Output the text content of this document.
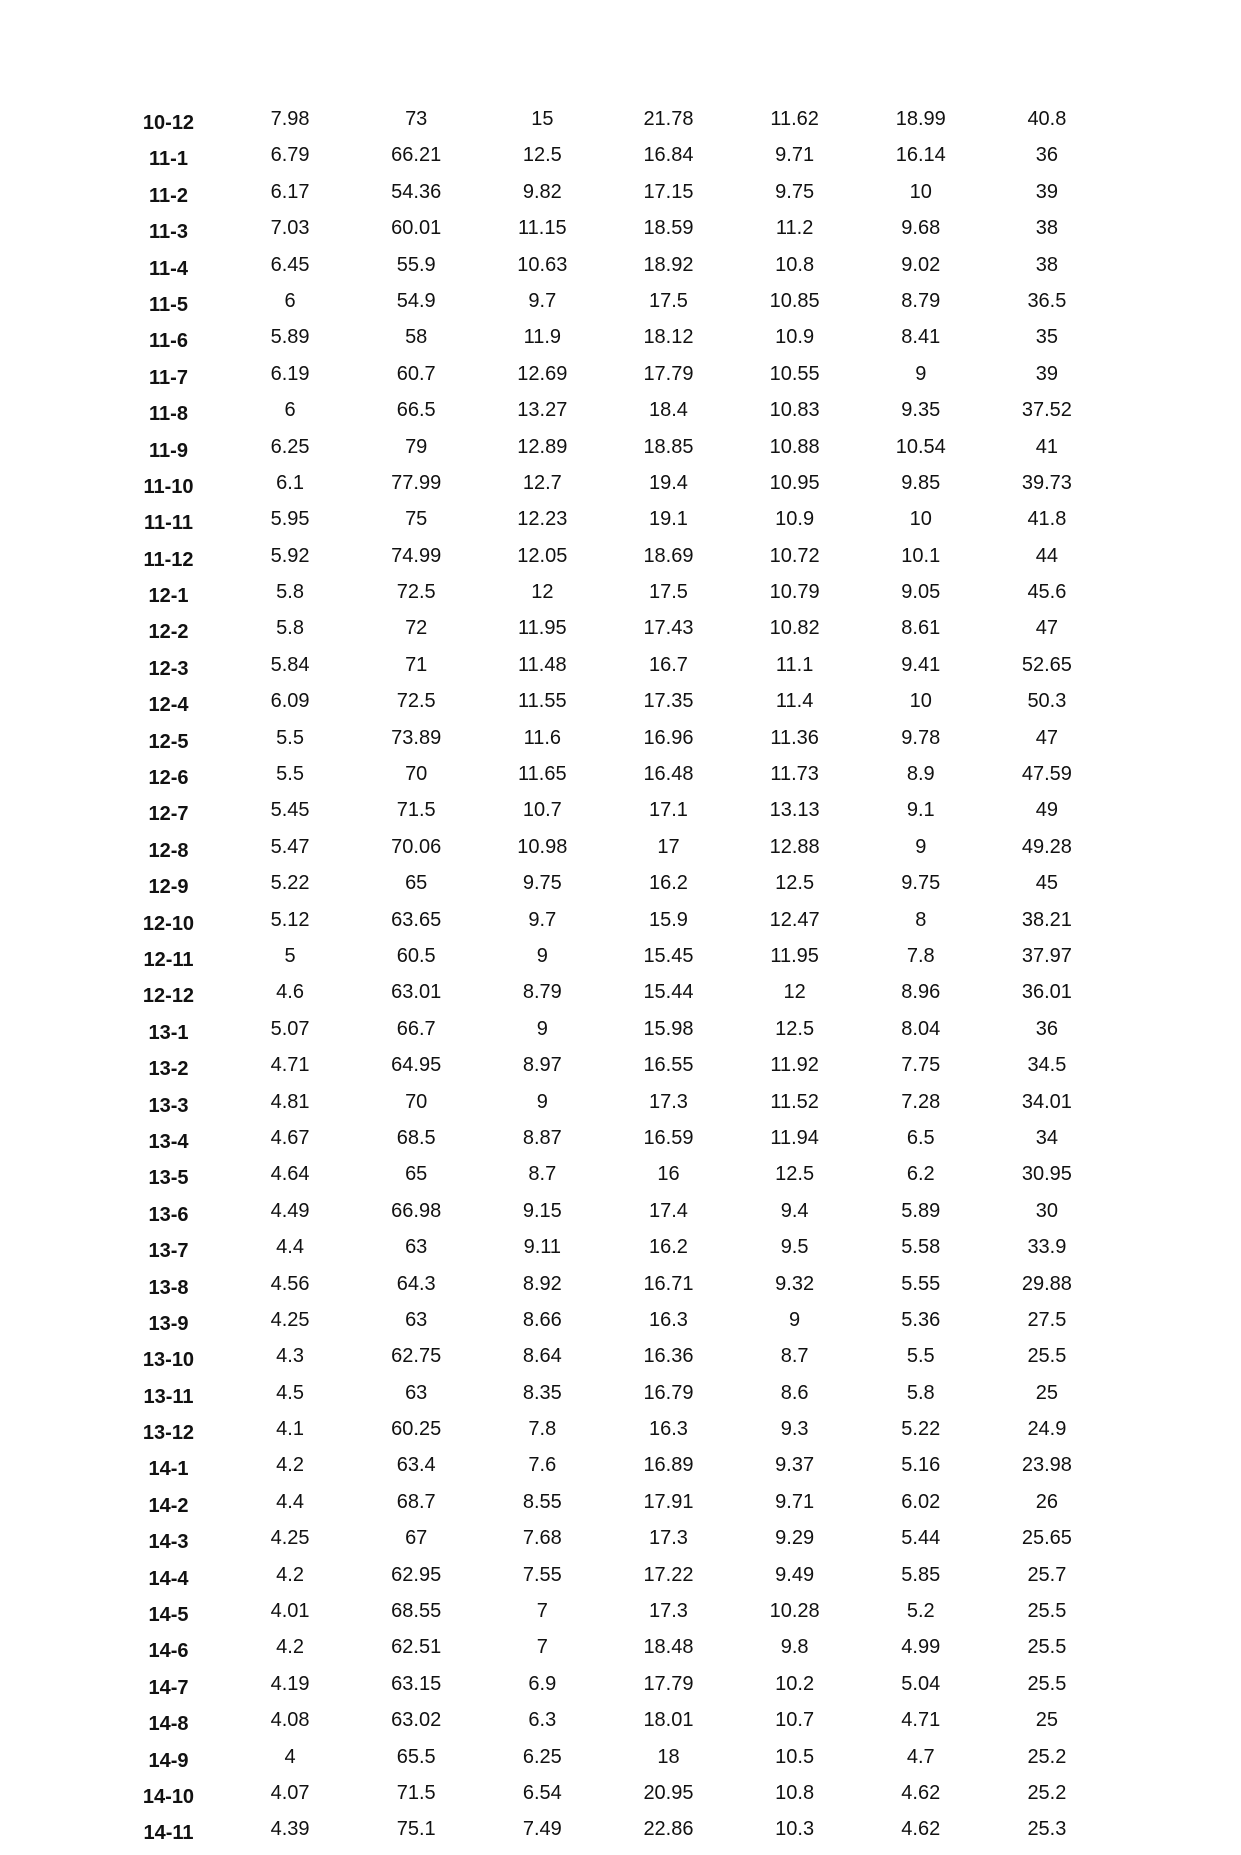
10-12	7.98	73	15	21.78	11.62	18.99	40.8
11-1	6.79	66.21	12.5	16.84	9.71	16.14	36
11-2	6.17	54.36	9.82	17.15	9.75	10	39
11-3	7.03	60.01	11.15	18.59	11.2	9.68	38
11-4	6.45	55.9	10.63	18.92	10.8	9.02	38
11-5	6	54.9	9.7	17.5	10.85	8.79	36.5
11-6	5.89	58	11.9	18.12	10.9	8.41	35
11-7	6.19	60.7	12.69	17.79	10.55	9	39
11-8	6	66.5	13.27	18.4	10.83	9.35	37.52
11-9	6.25	79	12.89	18.85	10.88	10.54	41
11-10	6.1	77.99	12.7	19.4	10.95	9.85	39.73
11-11	5.95	75	12.23	19.1	10.9	10	41.8
11-12	5.92	74.99	12.05	18.69	10.72	10.1	44
12-1	5.8	72.5	12	17.5	10.79	9.05	45.6
12-2	5.8	72	11.95	17.43	10.82	8.61	47
12-3	5.84	71	11.48	16.7	11.1	9.41	52.65
12-4	6.09	72.5	11.55	17.35	11.4	10	50.3
12-5	5.5	73.89	11.6	16.96	11.36	9.78	47
12-6	5.5	70	11.65	16.48	11.73	8.9	47.59
12-7	5.45	71.5	10.7	17.1	13.13	9.1	49
12-8	5.47	70.06	10.98	17	12.88	9	49.28
12-9	5.22	65	9.75	16.2	12.5	9.75	45
12-10	5.12	63.65	9.7	15.9	12.47	8	38.21
12-11	5	60.5	9	15.45	11.95	7.8	37.97
12-12	4.6	63.01	8.79	15.44	12	8.96	36.01
13-1	5.07	66.7	9	15.98	12.5	8.04	36
13-2	4.71	64.95	8.97	16.55	11.92	7.75	34.5
13-3	4.81	70	9	17.3	11.52	7.28	34.01
13-4	4.67	68.5	8.87	16.59	11.94	6.5	34
13-5	4.64	65	8.7	16	12.5	6.2	30.95
13-6	4.49	66.98	9.15	17.4	9.4	5.89	30
13-7	4.4	63	9.11	16.2	9.5	5.58	33.9
13-8	4.56	64.3	8.92	16.71	9.32	5.55	29.88
13-9	4.25	63	8.66	16.3	9	5.36	27.5
13-10	4.3	62.75	8.64	16.36	8.7	5.5	25.5
13-11	4.5	63	8.35	16.79	8.6	5.8	25
13-12	4.1	60.25	7.8	16.3	9.3	5.22	24.9
14-1	4.2	63.4	7.6	16.89	9.37	5.16	23.98
14-2	4.4	68.7	8.55	17.91	9.71	6.02	26
14-3	4.25	67	7.68	17.3	9.29	5.44	25.65
14-4	4.2	62.95	7.55	17.22	9.49	5.85	25.7
14-5	4.01	68.55	7	17.3	10.28	5.2	25.5
14-6	4.2	62.51	7	18.48	9.8	4.99	25.5
14-7	4.19	63.15	6.9	17.79	10.2	5.04	25.5
14-8	4.08	63.02	6.3	18.01	10.7	4.71	25
14-9	4	65.5	6.25	18	10.5	4.7	25.2
14-10	4.07	71.5	6.54	20.95	10.8	4.62	25.2
14-11	4.39	75.1	7.49	22.86	10.3	4.62	25.3
